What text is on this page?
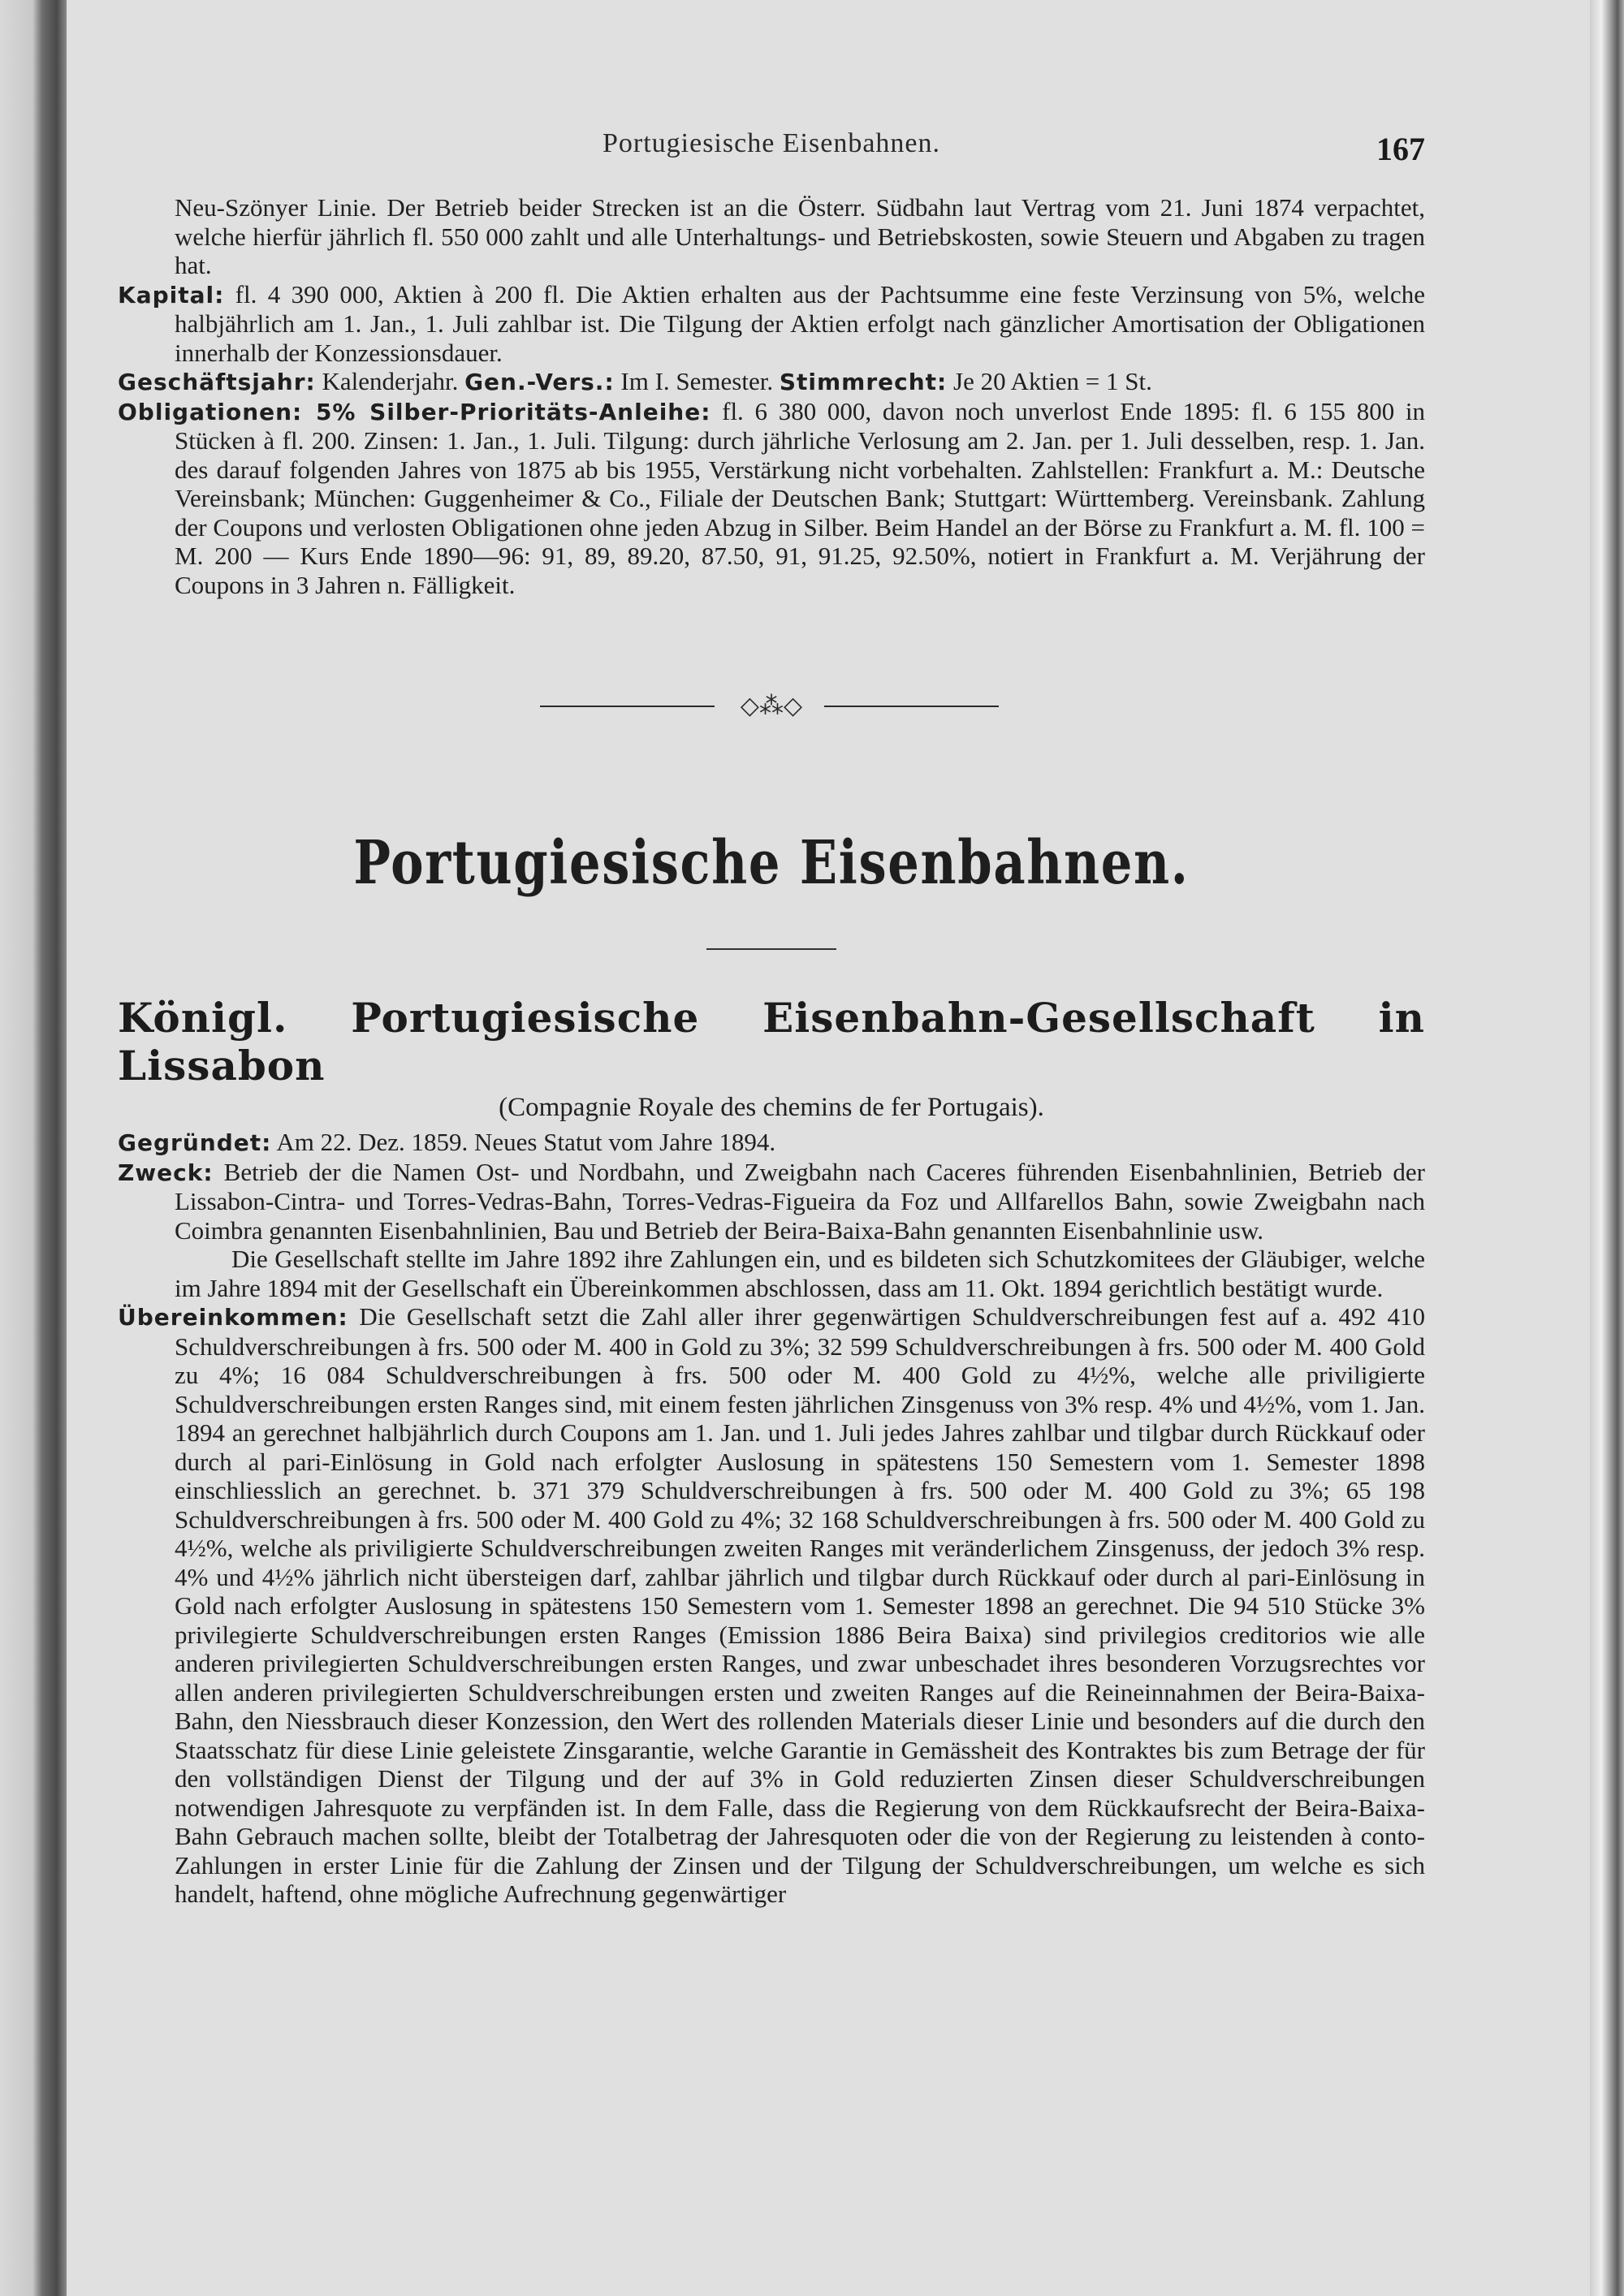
Portugiesische Eisenbahnen.	167

Neu-Szönyer Linie. Der Betrieb beider Strecken ist an die Österr. Südbahn laut Vertrag vom 21. Juni 1874 verpachtet, welche hierfür jährlich fl. 550 000 zahlt und alle Unterhaltungs- und Betriebskosten, sowie Steuern und Abgaben zu tragen hat.

Kapital: fl. 4 390 000, Aktien à 200 fl. Die Aktien erhalten aus der Pachtsumme eine feste Verzinsung von 5%, welche halbjährlich am 1. Jan., 1. Juli zahlbar ist. Die Tilgung der Aktien erfolgt nach gänzlicher Amortisation der Obligationen innerhalb der Konzessionsdauer.

Geschäftsjahr: Kalenderjahr. Gen.-Vers.: Im I. Semester. Stimmrecht: Je 20 Aktien = 1 St.

Obligationen: 5% Silber-Prioritäts-Anleihe: fl. 6 380 000, davon noch unverlost Ende 1895: fl. 6 155 800 in Stücken à fl. 200. Zinsen: 1. Jan., 1. Juli. Tilgung: durch jährliche Verlosung am 2. Jan. per 1. Juli desselben, resp. 1. Jan. des darauf folgenden Jahres von 1875 ab bis 1955, Verstärkung nicht vorbehalten. Zahlstellen: Frankfurt a. M.: Deutsche Vereinsbank; München: Guggenheimer & Co., Filiale der Deutschen Bank; Stuttgart: Württemberg. Vereinsbank. Zahlung der Coupons und verlosten Obligationen ohne jeden Abzug in Silber. Beim Handel an der Börse zu Frankfurt a. M. fl. 100 = M. 200 — Kurs Ende 1890—96: 91, 89, 89.20, 87.50, 91, 91.25, 92.50%, notiert in Frankfurt a. M. Verjährung der Coupons in 3 Jahren n. Fälligkeit.

◇⁂◇
Portugiesische Eisenbahnen.
Königl. Portugiesische Eisenbahn-Gesellschaft in Lissabon
(Compagnie Royale des chemins de fer Portugais).

Gegründet: Am 22. Dez. 1859. Neues Statut vom Jahre 1894.

Zweck: Betrieb der die Namen Ost- und Nordbahn, und Zweigbahn nach Caceres führenden Eisenbahnlinien, Betrieb der Lissabon-Cintra- und Torres-Vedras-Bahn, Torres-Vedras-Figueira da Foz und Allfarellos Bahn, sowie Zweigbahn nach Coimbra genannten Eisenbahnlinien, Bau und Betrieb der Beira-Baixa-Bahn genannten Eisenbahnlinie usw.

Die Gesellschaft stellte im Jahre 1892 ihre Zahlungen ein, und es bildeten sich Schutzkomitees der Gläubiger, welche im Jahre 1894 mit der Gesellschaft ein Übereinkommen abschlossen, dass am 11. Okt. 1894 gerichtlich bestätigt wurde.

Übereinkommen: Die Gesellschaft setzt die Zahl aller ihrer gegenwärtigen Schuldverschreibungen fest auf a. 492 410 Schuldverschreibungen à frs. 500 oder M. 400 in Gold zu 3%; 32 599 Schuldverschreibungen à frs. 500 oder M. 400 Gold zu 4%; 16 084 Schuldverschreibungen à frs. 500 oder M. 400 Gold zu 4½%, welche alle priviligierte Schuldverschreibungen ersten Ranges sind, mit einem festen jährlichen Zinsgenuss von 3% resp. 4% und 4½%, vom 1. Jan. 1894 an gerechnet halbjährlich durch Coupons am 1. Jan. und 1. Juli jedes Jahres zahlbar und tilgbar durch Rückkauf oder durch al pari-Einlösung in Gold nach erfolgter Auslosung in spätestens 150 Semestern vom 1. Semester 1898 einschliesslich an gerechnet. b. 371 379 Schuldverschreibungen à frs. 500 oder M. 400 Gold zu 3%; 65 198 Schuldverschreibungen à frs. 500 oder M. 400 Gold zu 4%; 32 168 Schuldverschreibungen à frs. 500 oder M. 400 Gold zu 4½%, welche als priviligierte Schuldverschreibungen zweiten Ranges mit veränderlichem Zinsgenuss, der jedoch 3% resp. 4% und 4½% jährlich nicht übersteigen darf, zahlbar jährlich und tilgbar durch Rückkauf oder durch al pari-Einlösung in Gold nach erfolgter Auslosung in spätestens 150 Semestern vom 1. Semester 1898 an gerechnet. Die 94 510 Stücke 3% privilegierte Schuldverschreibungen ersten Ranges (Emission 1886 Beira Baixa) sind privilegios creditorios wie alle anderen privilegierten Schuldverschreibungen ersten Ranges, und zwar unbeschadet ihres besonderen Vorzugsrechtes vor allen anderen privilegierten Schuldverschreibungen ersten und zweiten Ranges auf die Reineinnahmen der Beira-Baixa-Bahn, den Niessbrauch dieser Konzession, den Wert des rollenden Materials dieser Linie und besonders auf die durch den Staatsschatz für diese Linie geleistete Zinsgarantie, welche Garantie in Gemässheit des Kontraktes bis zum Betrage der für den vollständigen Dienst der Tilgung und der auf 3% in Gold reduzierten Zinsen dieser Schuldverschreibungen notwendigen Jahresquote zu verpfänden ist. In dem Falle, dass die Regierung von dem Rückkaufsrecht der Beira-Baixa-Bahn Gebrauch machen sollte, bleibt der Totalbetrag der Jahresquoten oder die von der Regierung zu leistenden à conto-Zahlungen in erster Linie für die Zahlung der Zinsen und der Tilgung der Schuldverschreibungen, um welche es sich handelt, haftend, ohne mögliche Aufrechnung gegenwärtiger
